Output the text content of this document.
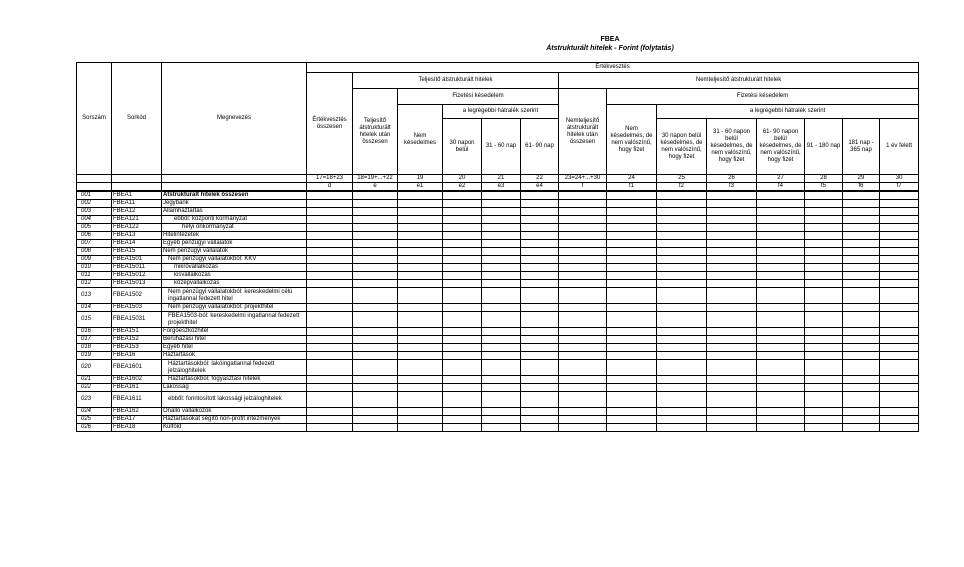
FBEA
Átstrukturált hitelek - Forint (folytatás)
Sorszám	Sorkód	Megnevezés	Értékvesztés													
			Értékvesztés összesen	Teljesítő átstrukturált hitelek					Nemteljesítő átstrukturált hitelek							
				Teljesítő átstrukturált hitelek után összesen	Fizetési késedelem				Nemteljesítő átstrukturált hitelek után összesen	Fizetési késedelem						
					Nem késedelmes	a legrégebbi hátralék szerint				Nem késedelmes, de nem valószínű, hogy fizet	a legrégebbi hátralék szerint					
						30 napon belül	31 - 60 nap	61- 90 nap			30 napon belül késedelmes, de nem valószínű, hogy fizet	31 - 60 napon belül késedelmes, de nem valószínű, hogy fizet	61- 90 napon belül késedelmes, de nem valószínű, hogy fizet	91 - 180 nap	181 nap - 365 nap	1 év felett
			17=18+23	18=19+...+22	19	20	21	22	23=24+...+30	24	25	26	27	28	29	30
			d	e	e1	e2	e3	e4	f	f1	f2	f3	f4	f5	f6	f7
001	FBEA1	Átstrukturált hitelek összesen														
002	FBEA11	Jegybank														
003	FBEA12	Államháztartás														
004	FBEA121	ebből: központi kormányzat														
005	FBEA122	helyi önkormányzat														
006	FBEA13	Hitelintézetek														
007	FBEA14	Egyéb pénzügyi vállalatok														
008	FBEA15	Nem pénzügyi vállalatok														
009	FBEA1501	Nem pénzügyi vállalatokból: KKV														
010	FBEA15011	mikrovállalkozás														
011	FBEA15012	kisvállalkozás														
012	FBEA15013	középvállalkozás														
013	FBEA1502	Nem pénzügyi vállalatokból: kereskedelmi célú ingatlannal fedezett hitel														
014	FBEA1503	Nem pénzügyi vállalatokból: projekthitel														
015	FBEA15031	FBEA1503-ból: kereskedelmi ingatlannal fedezett projekthitel														
016	FBEA151	Forgóeszközhitel														
017	FBEA152	Beruházási hitel														
018	FBEA153	Egyéb hitel														
019	FBEA16	Háztartások														
020	FBEA1601	Háztartásokból: lakóingatlannal fedezett jelzáloghitelek														
021	FBEA1602	Háztartásokból: fogyasztási hitelek														
022	FBEA161	Lakosság														
023	FBEA1611	ebből: forintosított lakossági jelzáloghitelek														
024	FBEA162	Önálló vállalkozók														
025	FBEA17	Háztartásokat segítő non-profit intézmények														
026	FBEA18	Külföld														
